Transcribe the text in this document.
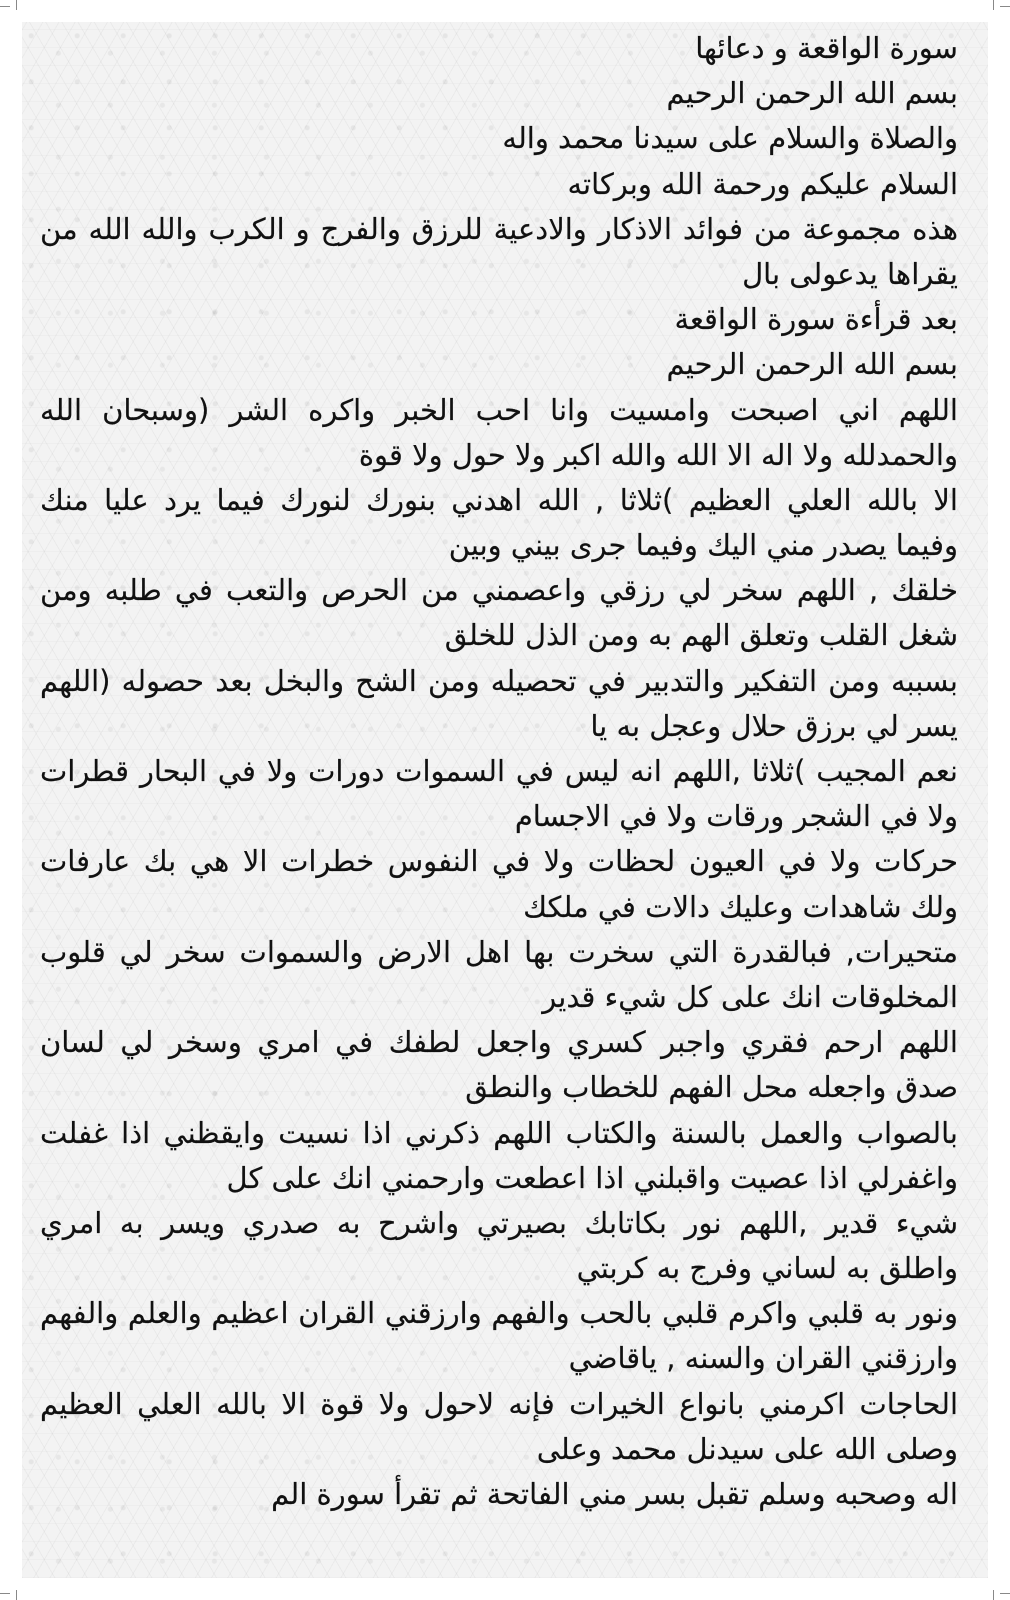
سورة الواقعة و دعائها
بسم الله الرحمن الرحيم
والصلاة والسلام على سيدنا محمد واله
السلام عليكم ورحمة الله وبركاته
هذه مجموعة من فوائد الاذكار والادعية للرزق والفرج و الكرب والله الله من
يقراها يدعولى بال
بعد قرأءة سورة الواقعة
بسم الله الرحمن الرحيم
اللهم اني اصبحت وامسيت وانا احب الخبر واكره الشر (وسبحان الله
والحمدلله ولا اله الا الله والله اكبر ولا حول ولا قوة
الا بالله العلي العظيم )ثلاثا , الله اهدني بنورك لنورك فيما يرد عليا منك
وفيما يصدر مني اليك وفيما جرى بيني وبين
خلقك , اللهم سخر لي رزقي واعصمني من الحرص والتعب في طلبه ومن
شغل القلب وتعلق الهم به ومن الذل للخلق
بسببه ومن التفكير والتدبير في تحصيله ومن الشح والبخل بعد حصوله (اللهم
يسر لي برزق حلال وعجل به يا
نعم المجيب )ثلاثا ,اللهم انه ليس في السموات دورات ولا في البحار قطرات
ولا في الشجر ورقات ولا في الاجسام
حركات ولا في العيون لحظات ولا في النفوس خطرات الا هي بك عارفات
ولك شاهدات وعليك دالات في ملكك
متحيرات, فبالقدرة التي سخرت بها اهل الارض والسموات سخر لي قلوب
المخلوقات انك على كل شيء قدير
اللهم ارحم فقري واجبر كسري واجعل لطفك في امري وسخر لي لسان
صدق واجعله محل الفهم للخطاب والنطق
بالصواب والعمل بالسنة والكتاب اللهم ذكرني اذا نسيت وايقظني اذا غفلت
واغفرلي اذا عصيت واقبلني اذا اعطعت وارحمني انك على كل
شيء قدير ,اللهم نور بكاتابك بصيرتي واشرح به صدري ويسر به امري
واطلق به لساني وفرج به كربتي
ونور به قلبي واكرم قلبي بالحب والفهم وارزقني القران اعظيم والعلم والفهم
وارزقني القران والسنه , ياقاضي
الحاجات اكرمني بانواع الخيرات فإنه لاحول ولا قوة الا بالله العلي العظيم
وصلى الله على سيدنل محمد وعلى
اله وصحبه وسلم تقبل بسر مني الفاتحة ثم تقرأ سورة الم
